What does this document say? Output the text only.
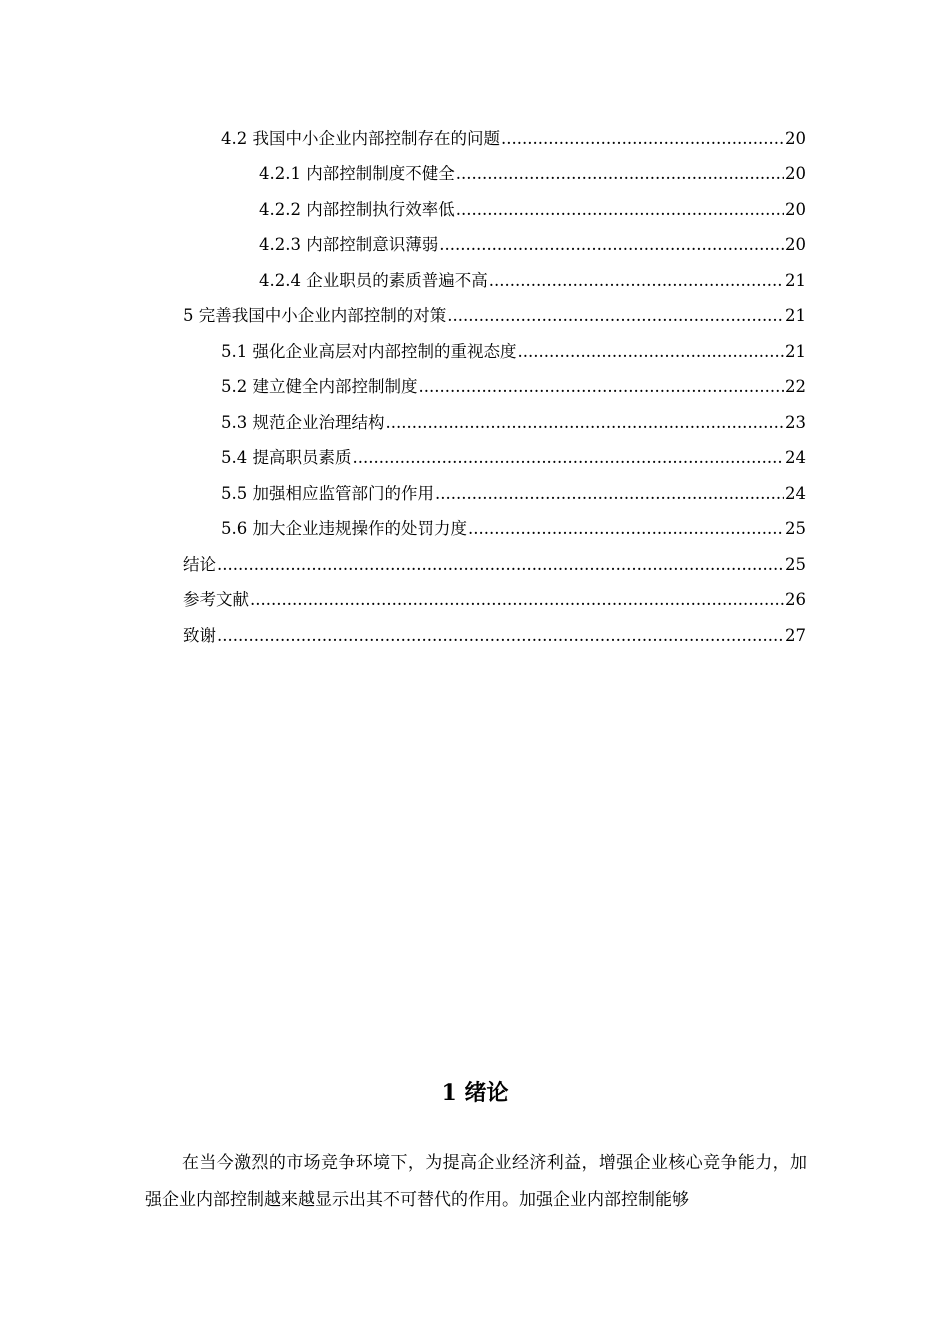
4.2 我国中小企业内部控制存在的问题 .....	20
4.2.1 内部控制制度不健全 .....	20
4.2.2 内部控制执行效率低 .....	20
4.2.3 内部控制意识薄弱 .....	20
4.2.4 企业职员的素质普遍不高 .....	21
5 完善我国中小企业内部控制的对策 .....	21
5.1 强化企业高层对内部控制的重视态度 .....	21
5.2 建立健全内部控制制度 .....	22
5.3 规范企业治理结构 .....	23
5.4 提高职员素质 .....	24
5.5 加强相应监管部门的作用 .....	24
5.6 加大企业违规操作的处罚力度 .....	25
结论 .....	25
参考文献 .....	26
致谢 .....	27
1 绪论

在当今激烈的市场竞争环境下，为提高企业经济利益，增强企业核心竞争能力，加强企业内部控制越来越显示出其不可替代的作用。加强企业内部控制能够
